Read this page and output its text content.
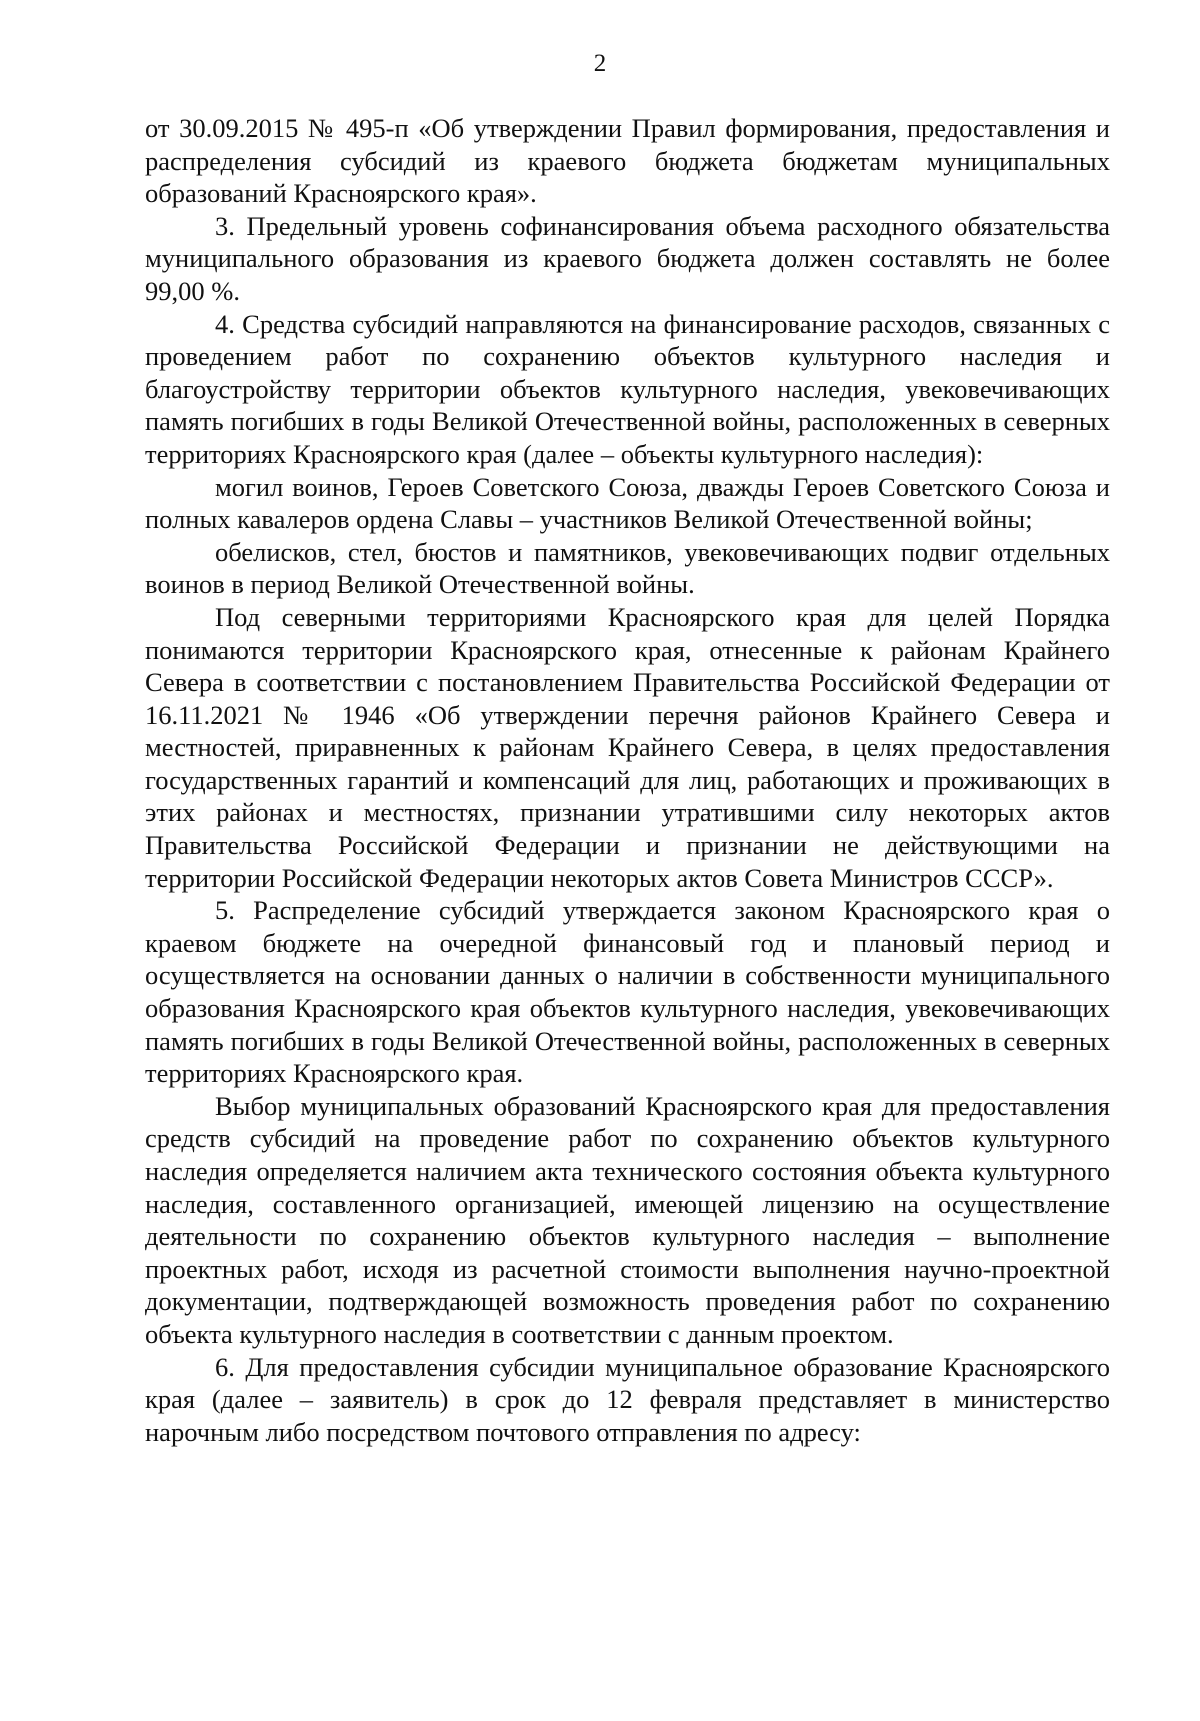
2

от 30.09.2015 № 495-п «Об утверждении Правил формирования, предоставления и распределения субсидий из краевого бюджета бюджетам муниципальных образований Красноярского края».

3. Предельный уровень софинансирования объема расходного обязательства муниципального образования из краевого бюджета должен составлять не более 99,00 %.

4. Средства субсидий направляются на финансирование расходов, связанных с проведением работ по сохранению объектов культурного наследия и благоустройству территории объектов культурного наследия, увековечивающих память погибших в годы Великой Отечественной войны, расположенных в северных территориях Красноярского края (далее – объекты культурного наследия):

могил воинов, Героев Советского Союза, дважды Героев Советского Союза и полных кавалеров ордена Славы – участников Великой Отечественной войны;

обелисков, стел, бюстов и памятников, увековечивающих подвиг отдельных воинов в период Великой Отечественной войны.

Под северными территориями Красноярского края для целей Порядка понимаются территории Красноярского края, отнесенные к районам Крайнего Севера в соответствии с постановлением Правительства Российской Федерации от 16.11.2021 № 1946 «Об утверждении перечня районов Крайнего Севера и местностей, приравненных к районам Крайнего Севера, в целях предоставления государственных гарантий и компенсаций для лиц, работающих и проживающих в этих районах и местностях, признании утратившими силу некоторых актов Правительства Российской Федерации и признании не действующими на территории Российской Федерации некоторых актов Совета Министров СССР».

5. Распределение субсидий утверждается законом Красноярского края о краевом бюджете на очередной финансовый год и плановый период и осуществляется на основании данных о наличии в собственности муниципального образования Красноярского края объектов культурного наследия, увековечивающих память погибших в годы Великой Отечественной войны, расположенных в северных территориях Красноярского края.

Выбор муниципальных образований Красноярского края для предоставления средств субсидий на проведение работ по сохранению объектов культурного наследия определяется наличием акта технического состояния объекта культурного наследия, составленного организацией, имеющей лицензию на осуществление деятельности по сохранению объектов культурного наследия – выполнение проектных работ, исходя из расчетной стоимости выполнения научно-проектной документации, подтверждающей возможность проведения работ по сохранению объекта культурного наследия в соответствии с данным проектом.

6. Для предоставления субсидии муниципальное образование Красноярского края (далее – заявитель) в срок до 12 февраля представляет в министерство нарочным либо посредством почтового отправления по адресу:
